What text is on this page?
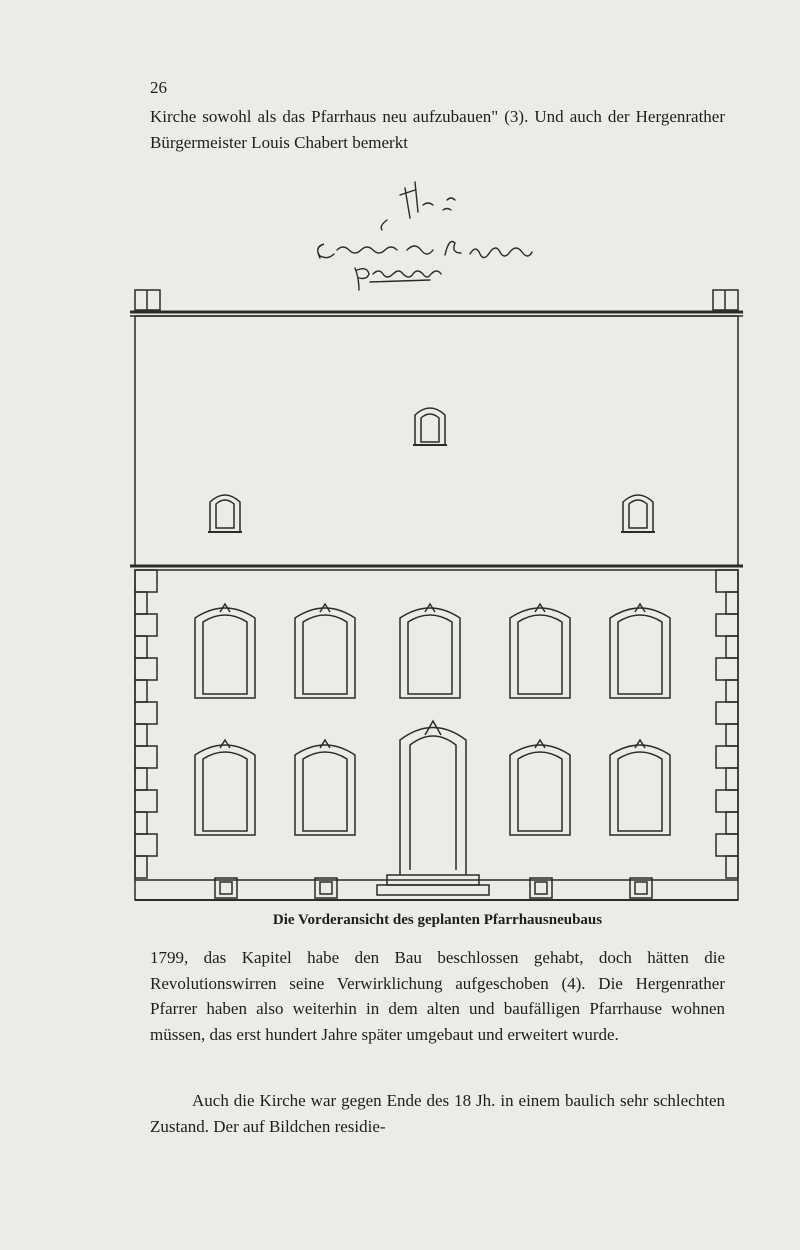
26

Kirche sowohl als das Pfarrhaus neu aufzubauen" (3). Und auch der Hergenrather Bürgermeister Louis Chabert bemerkt

Die Vorderansicht des geplanten Pfarrhausneubaus

1799, das Kapitel habe den Bau beschlossen gehabt, doch hätten die Revolutionswirren seine Verwirklichung aufgeschoben (4). Die Hergenrather Pfarrer haben also weiterhin in dem alten und baufälligen Pfarrhause wohnen müssen, das erst hundert Jahre später umgebaut und erweitert wurde.

Auch die Kirche war gegen Ende des 18 Jh. in einem baulich sehr schlechten Zustand. Der auf Bildchen residie-
